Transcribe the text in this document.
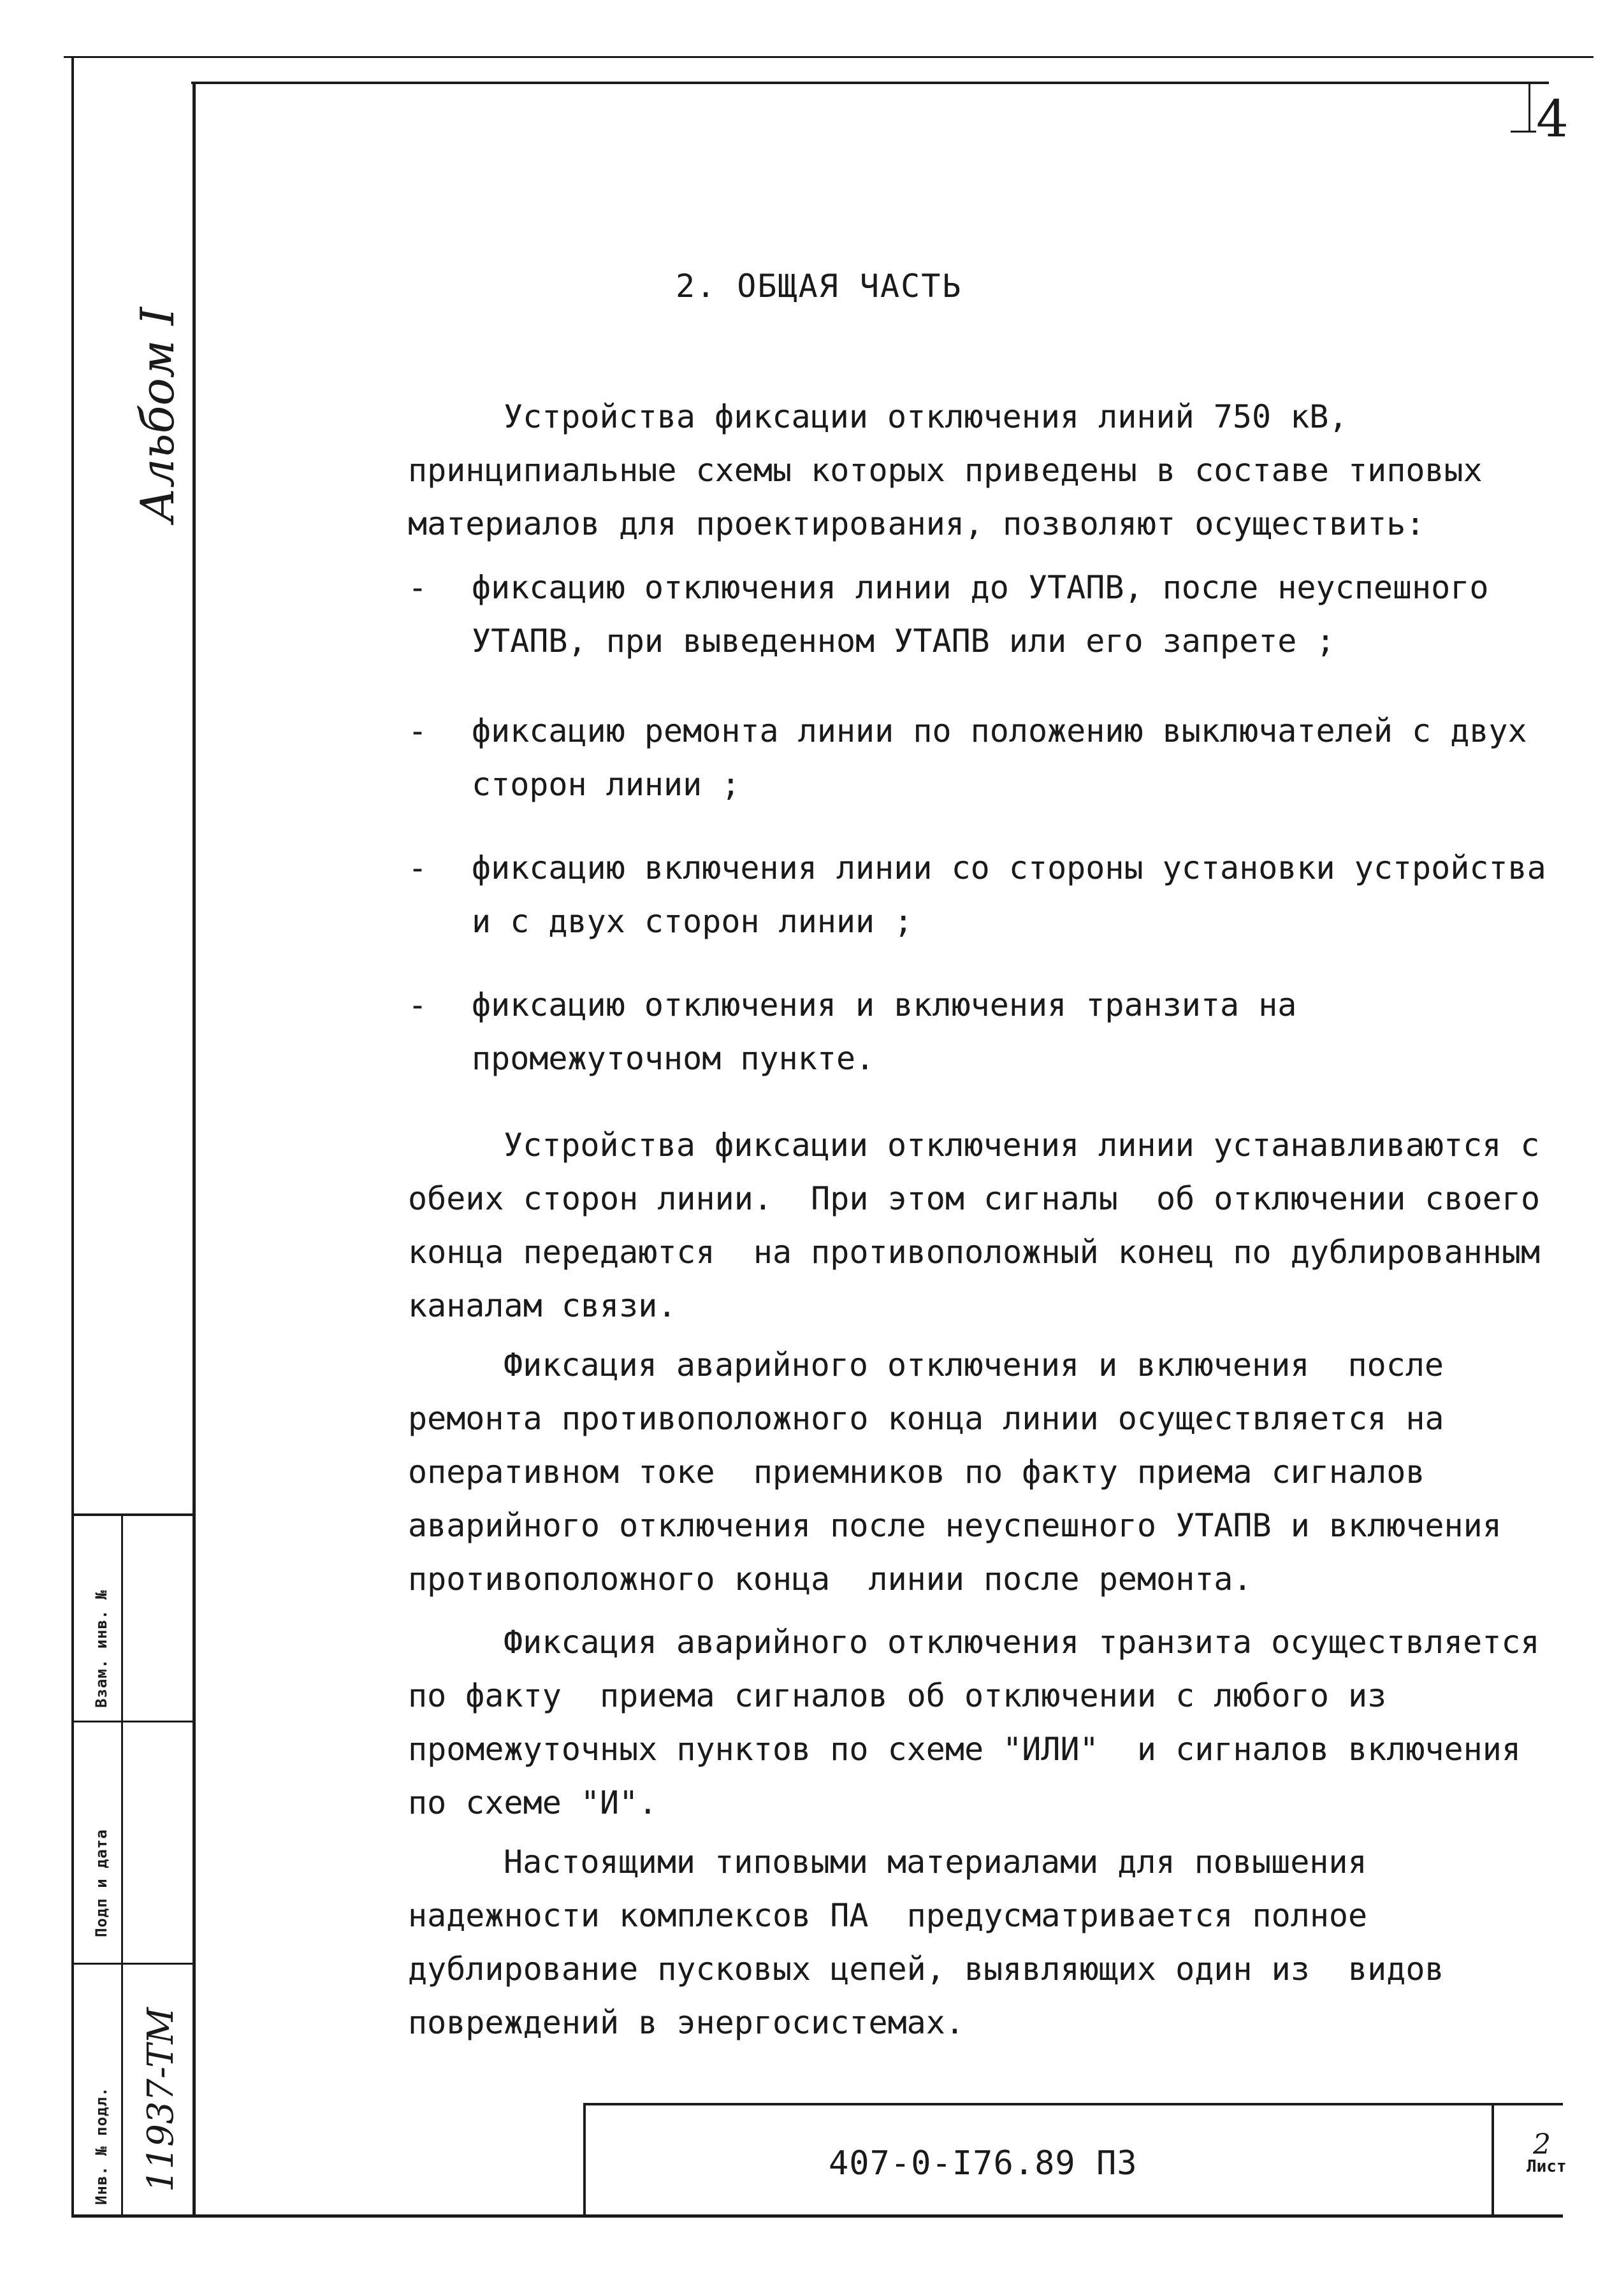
Взам. инв. №
Подп и дата
Инв. № подл. 11937-TM
Альбом I
4
2. ОБЩАЯ ЧАСТЬ

Устройства фиксации отключения линий 750 кВ, принципиальные схемы которых приведены в составе типовых материалов для проектирования, позволяют осуществить:

- фиксацию отключения линии до УТАПВ, после неуспешного УТАПВ, при выведенном УТАПВ или его запрете ;

- фиксацию ремонта линии по положению выключателей с двух сторон линии ;

- фиксацию включения линии со стороны установки устройства и с двух сторон линии ;

- фиксацию отключения и включения транзита на промежуточном пункте.

Устройства фиксации отключения линии устанавливаются с обеих сторон линии.  При этом сигналы  об отключении своего конца передаются  на противоположный конец по дублированным каналам связи.

Фиксация аварийного отключения и включения  после ремонта противоположного конца линии осуществляется на оперативном токе  приемников по факту приема сигналов аварийного отключения после неуспешного УТАПВ и включения противоположного конца  линии после ремонта.

Фиксация аварийного отключения транзита осуществляется по факту  приема сигналов об отключении с любого из промежуточных пунктов по схеме "ИЛИ"  и сигналов включения по схеме "И".

Настоящими типовыми материалами для повышения надежности комплексов ПА  предусматривается полное дублирование пусковых цепей, выявляющих один из  видов  повреждений в энергосистемах.

407-0-I76.89 ПЗ	2
Лист
